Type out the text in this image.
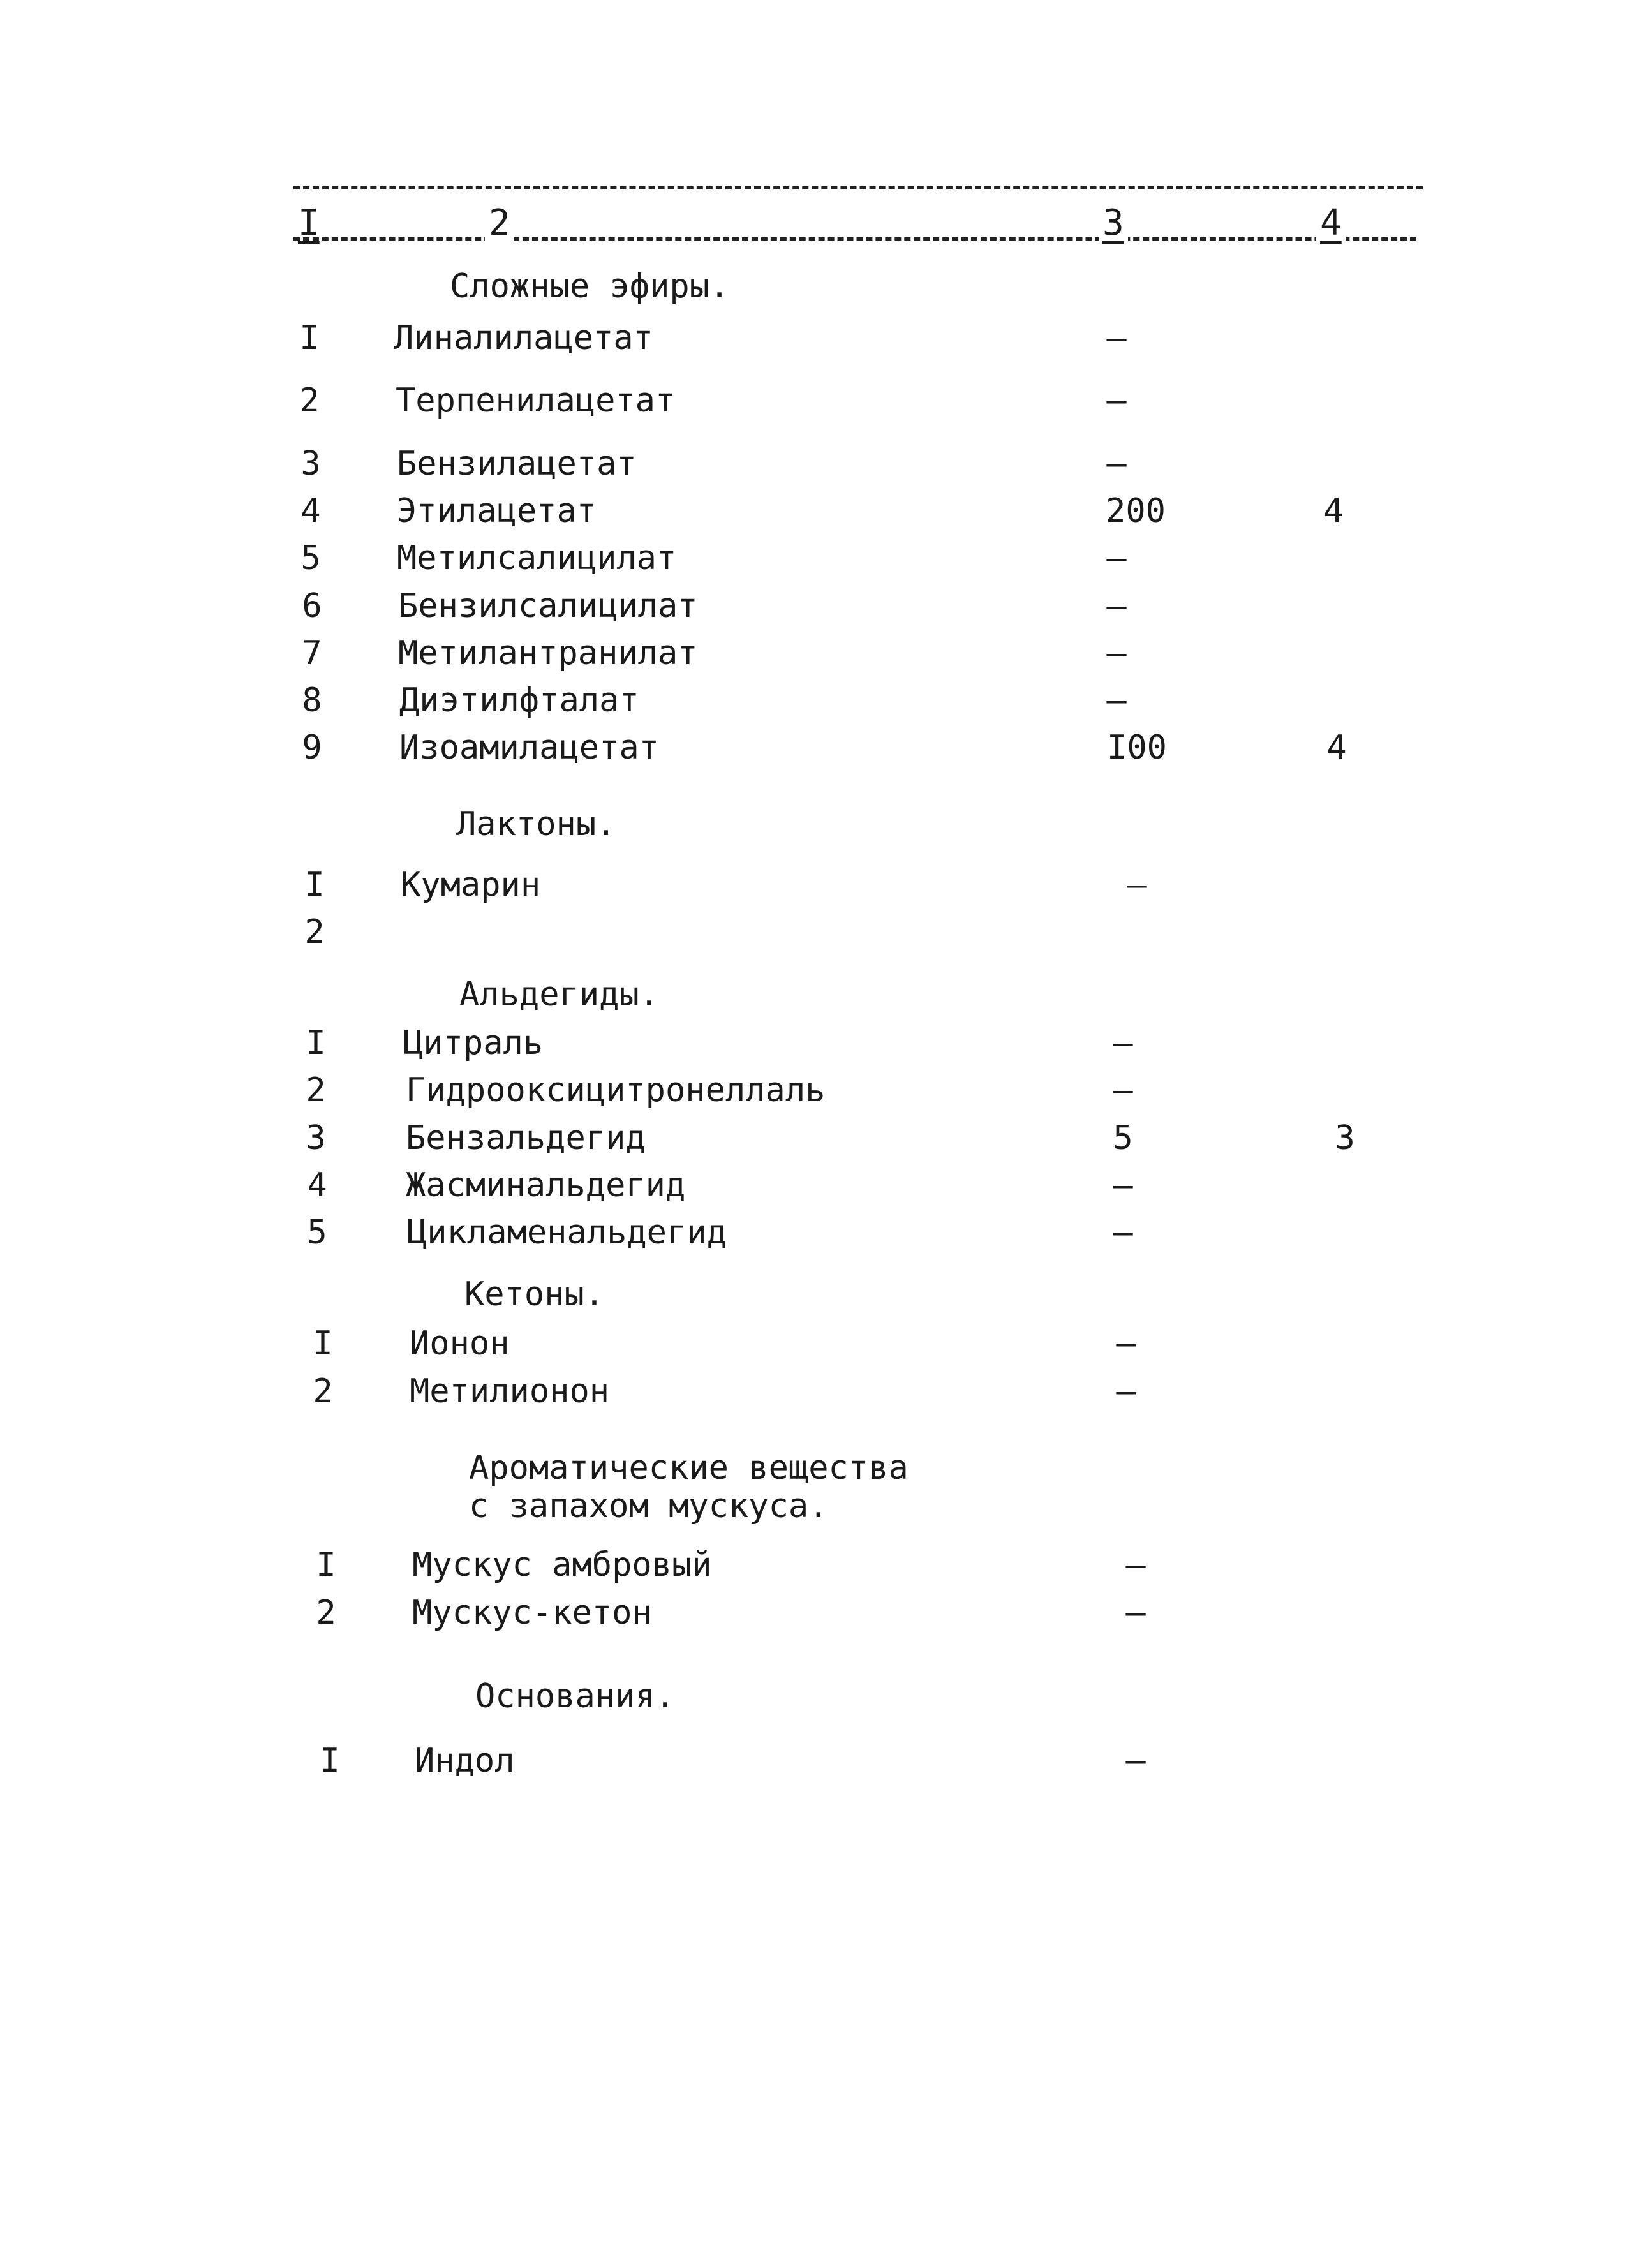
I	2	3	4
Сложные эфиры.
I	Линалилацетат	–
2	Терпенилацетат	–
3	Бензилацетат	–
4	Этилацетат	200	4
5	Метилсалицилат	–
6	Бензилсалицилат	–
7	Метилантранилат	–
8	Диэтилфталат	–
9	Изоамилацетат	I00	4
Лактоны.
I	Кумарин	–
2
Альдегиды.
I	Цитраль	–
2	Гидрооксицитронеллаль	–
3	Бензальдегид	5	3
4	Жасминальдегид	–
5	Цикламенальдегид	–
Кетоны.
I	Ионон	–
2	Метилионон	–
Ароматические вещества
с запахом мускуса.
I	Мускус амбровый	–
2	Мускус-кетон	–
Основания.
I	Индол	–
